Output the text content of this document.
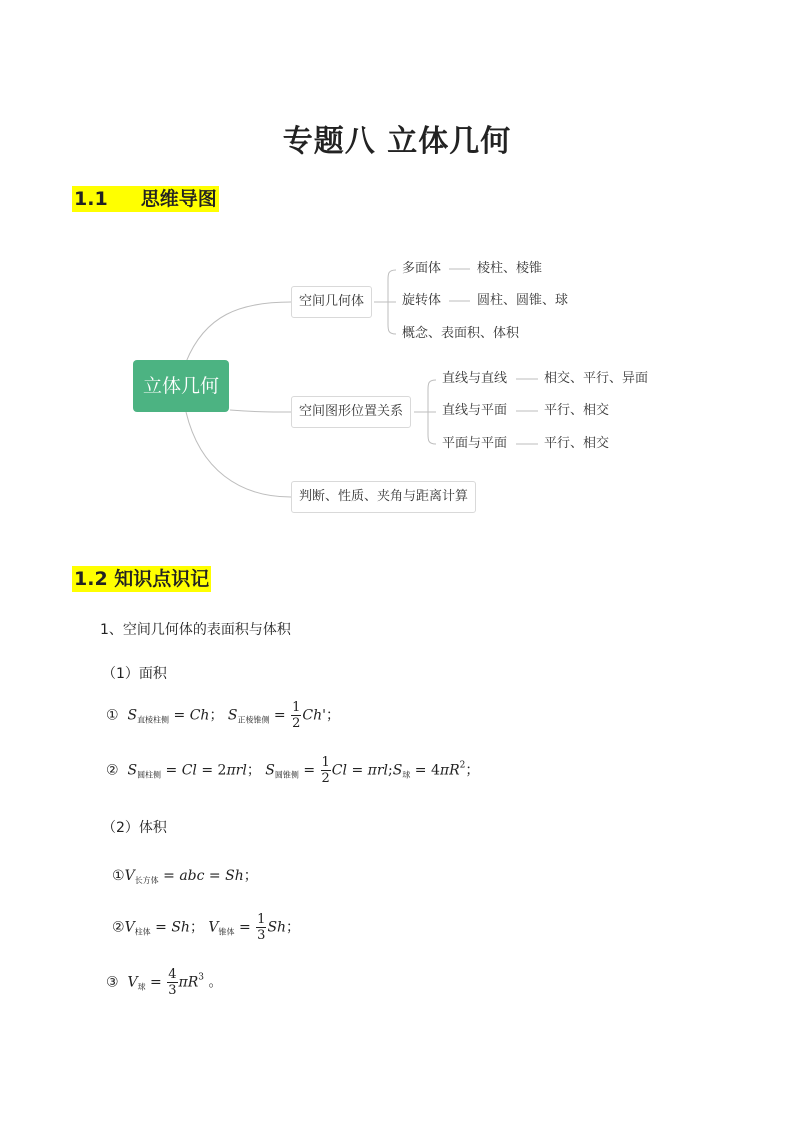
专题八 立体几何
1.1     思维导图
立体几何
空间几何体
多面体	棱柱、棱锥
旋转体	圆柱、圆锥、球
概念、表面积、体积
空间图形位置关系
直线与直线	相交、平行、异面
直线与平面	平行、相交
平面与平面	平行、相交
判断、性质、夹角与距离计算
1.2 知识点识记
1、空间几何体的表面积与体积
（1）面积
① $S_{直棱柱侧} = Ch$； $S_{正棱锥侧} = \frac{1}{2} Ch'$；
② $S_{圆柱侧} = Cl = 2\pi rl$； $S_{圆锥侧} = \frac{1}{2}$ $Cl = \pi rl;S_球 = 4\pi R^2$；
（2）体积
$①V_{长方体}$ = abc = Sh；
$②V_{柱体} = Sh$； $V_{锥体} = \frac{1}{3}$ Sh；
③ $V_球 = \frac{4}{3} \pi R^3$ 。
